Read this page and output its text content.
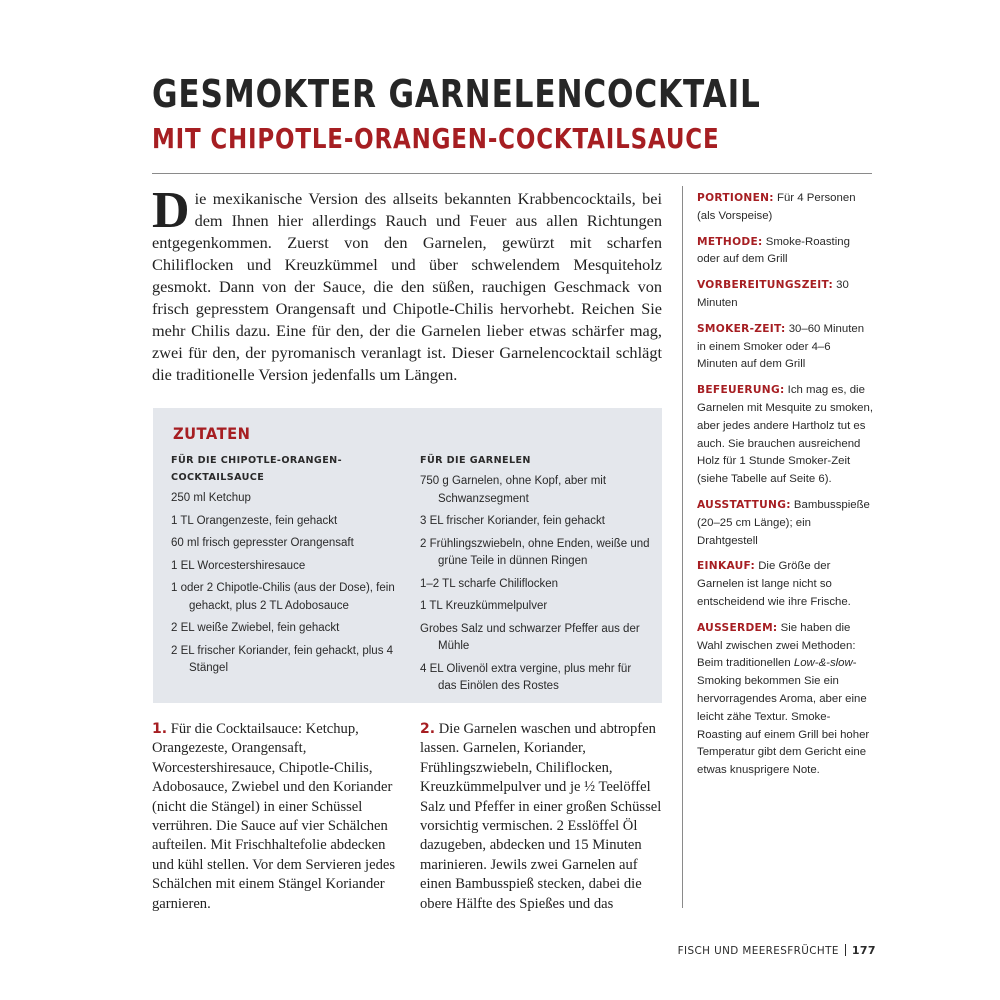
GESMOKTER GARNELENCOCKTAIL
MIT CHIPOTLE-ORANGEN-COCKTAILSAUCE
D ie mexikanische Version des allseits bekannten Krabbencocktails, bei dem Ihnen hier allerdings Rauch und Feuer aus allen Richtungen entgegenkommen. Zuerst von den Garnelen, gewürzt mit scharfen Chiliflocken und Kreuzkümmel und über schwelendem Mesquiteholz gesmokt. Dann von der Sauce, die den süßen, rauchigen Geschmack von frisch gepresstem Orangensaft und Chipotle-Chilis hervorhebt. Reichen Sie mehr Chilis dazu. Eine für den, der die Garnelen lieber etwas schärfer mag, zwei für den, der pyromanisch veranlagt ist. Dieser Garnelencocktail schlägt die traditionelle Version jedenfalls um Längen.
ZUTATEN
FÜR DIE CHIPOTLE-ORANGEN-COCKTAILSAUCE
250 ml Ketchup
1 TL Orangenzeste, fein gehackt
60 ml frisch gepresster Orangensaft
1 EL Worcestershiresauce
1 oder 2 Chipotle-Chilis (aus der Dose), fein gehackt, plus 2 TL Adobosauce
2 EL weiße Zwiebel, fein gehackt
2 EL frischer Koriander, fein gehackt, plus 4 Stängel
FÜR DIE GARNELEN
750 g Garnelen, ohne Kopf, aber mit Schwanzsegment
3 EL frischer Koriander, fein gehackt
2 Frühlingszwiebeln, ohne Enden, weiße und grüne Teile in dünnen Ringen
1–2 TL scharfe Chiliflocken
1 TL Kreuzkümmelpulver
Grobes Salz und schwarzer Pfeffer aus der Mühle
4 EL Olivenöl extra vergine, plus mehr für das Einölen des Rostes
1. Für die Cocktailsauce: Ketchup, Orangezeste, Orangensaft, Worcestershiresauce, Chipotle-Chilis, Adobosauce, Zwiebel und den Koriander (nicht die Stängel) in einer Schüssel verrühren. Die Sauce auf vier Schälchen aufteilen. Mit Frischhaltefolie abdecken und kühl stellen. Vor dem Servieren jedes Schälchen mit einem Stängel Koriander garnieren.
2. Die Garnelen waschen und abtropfen lassen. Garnelen, Koriander, Frühlingszwiebeln, Chiliflocken, Kreuzkümmelpulver und je ½ Teelöffel Salz und Pfeffer in einer großen Schüssel vorsichtig vermischen. 2 Esslöffel Öl dazugeben, abdecken und 15 Minuten marinieren. Jewils zwei Garnelen auf einen Bambusspieß stecken, dabei die obere Hälfte des Spießes und das
PORTIONEN: Für 4 Personen (als Vorspeise)
METHODE: Smoke-Roasting oder auf dem Grill
VORBEREITUNGSZEIT: 30 Minuten
SMOKER-ZEIT: 30–60 Minuten in einem Smoker oder 4–6 Minuten auf dem Grill
BEFEUERUNG: Ich mag es, die Garnelen mit Mesquite zu smoken, aber jedes andere Hartholz tut es auch. Sie brauchen ausreichend Holz für 1 Stunde Smoker-Zeit (siehe Tabelle auf Seite 6).
AUSSTATTUNG: Bambusspieße (20–25 cm Länge); ein Drahtgestell
EINKAUF: Die Größe der Garnelen ist lange nicht so entscheidend wie ihre Frische.
AUSSERDEM: Sie haben die Wahl zwischen zwei Methoden: Beim traditionellen Low-&-slow-Smoking bekommen Sie ein hervorragendes Aroma, aber eine leicht zähe Textur. Smoke-Roasting auf einem Grill bei hoher Temperatur gibt dem Gericht eine etwas knusprigere Note.
FISCH UND MEERESFRÜCHTE 177
